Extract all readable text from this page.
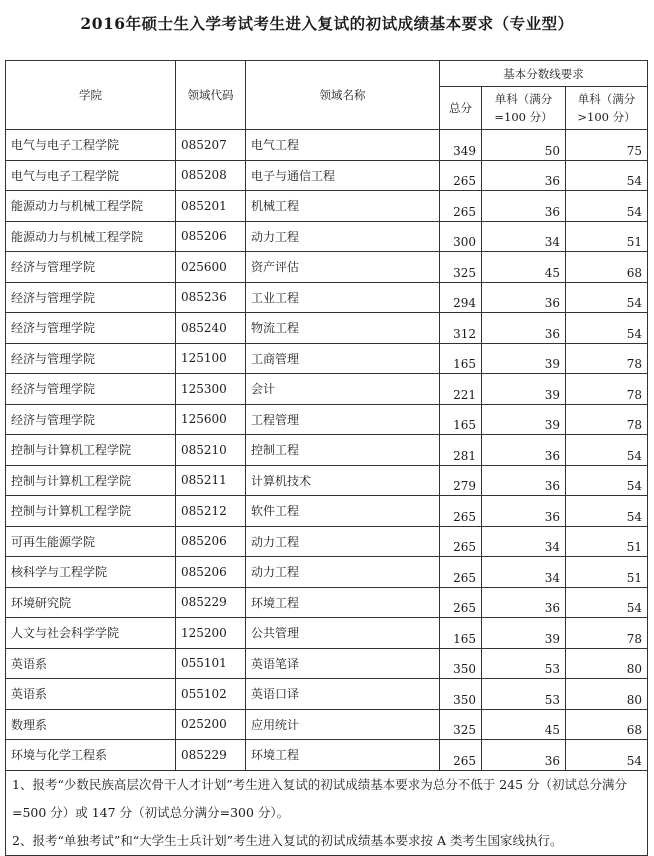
2016年硕士生入学考试考生进入复试的初试成绩基本要求（专业型）
学院	领域代码	领域名称	基本分数线要求		
			总分	单科（满分=100 分）	单科（满分>100 分）
电气与电子工程学院	085207	电气工程	349	50	75
电气与电子工程学院	085208	电子与通信工程	265	36	54
能源动力与机械工程学院	085201	机械工程	265	36	54
能源动力与机械工程学院	085206	动力工程	300	34	51
经济与管理学院	025600	资产评估	325	45	68
经济与管理学院	085236	工业工程	294	36	54
经济与管理学院	085240	物流工程	312	36	54
经济与管理学院	125100	工商管理	165	39	78
经济与管理学院	125300	会计	221	39	78
经济与管理学院	125600	工程管理	165	39	78
控制与计算机工程学院	085210	控制工程	281	36	54
控制与计算机工程学院	085211	计算机技术	279	36	54
控制与计算机工程学院	085212	软件工程	265	36	54
可再生能源学院	085206	动力工程	265	34	51
核科学与工程学院	085206	动力工程	265	34	51
环境研究院	085229	环境工程	265	36	54
人文与社会科学学院	125200	公共管理	165	39	78
英语系	055101	英语笔译	350	53	80
英语系	055102	英语口译	350	53	80
数理系	025200	应用统计	325	45	68
环境与化学工程系	085229	环境工程	265	36	54

1、报考“少数民族高层次骨干人才计划”考生进入复试的初试成绩基本要求为总分不低于 245 分（初试总分满分=500 分）或 147 分（初试总分满分=300 分）。
2、报考“单独考试”和“大学生士兵计划”考生进入复试的初试成绩基本要求按 A 类考生国家线执行。					
